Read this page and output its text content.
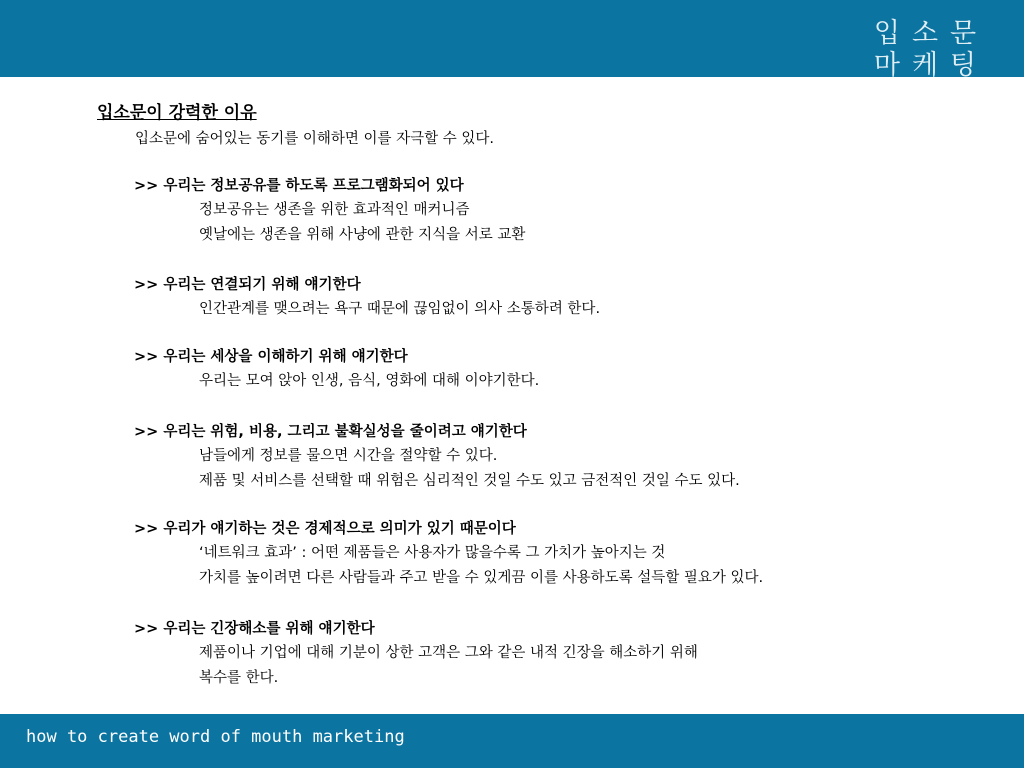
입소문마케팅
입소문이 강력한 이유

입소문에 숨어있는 동기를 이해하면 이를 자극할 수 있다.

>> 우리는 정보공유를 하도록 프로그램화되어 있다

정보공유는 생존을 위한 효과적인 매커니즘

옛날에는 생존을 위해 사냥에 관한 지식을 서로 교환

>> 우리는 연결되기 위해 얘기한다

인간관계를 맺으려는 욕구 때문에 끊임없이 의사 소통하려 한다.

>> 우리는 세상을 이해하기 위해 얘기한다

우리는 모여 앉아 인생, 음식, 영화에 대해 이야기한다.

>> 우리는 위험, 비용, 그리고 불확실성을 줄이려고 얘기한다

남들에게 정보를 물으면 시간을 절약할 수 있다.

제품 및 서비스를 선택할 때 위험은 심리적인 것일 수도 있고 금전적인 것일 수도 있다.

>> 우리가 얘기하는 것은 경제적으로 의미가 있기 때문이다

‘네트워크 효과’ : 어떤 제품들은 사용자가 많을수록 그 가치가 높아지는 것

가치를 높이려면 다른 사람들과 주고 받을 수 있게끔 이를 사용하도록 설득할 필요가 있다.

>> 우리는 긴장해소를 위해 얘기한다

제품이나 기업에 대해 기분이 상한 고객은 그와 같은 내적 긴장을 해소하기 위해

복수를 한다.

how to create word of mouth marketing
